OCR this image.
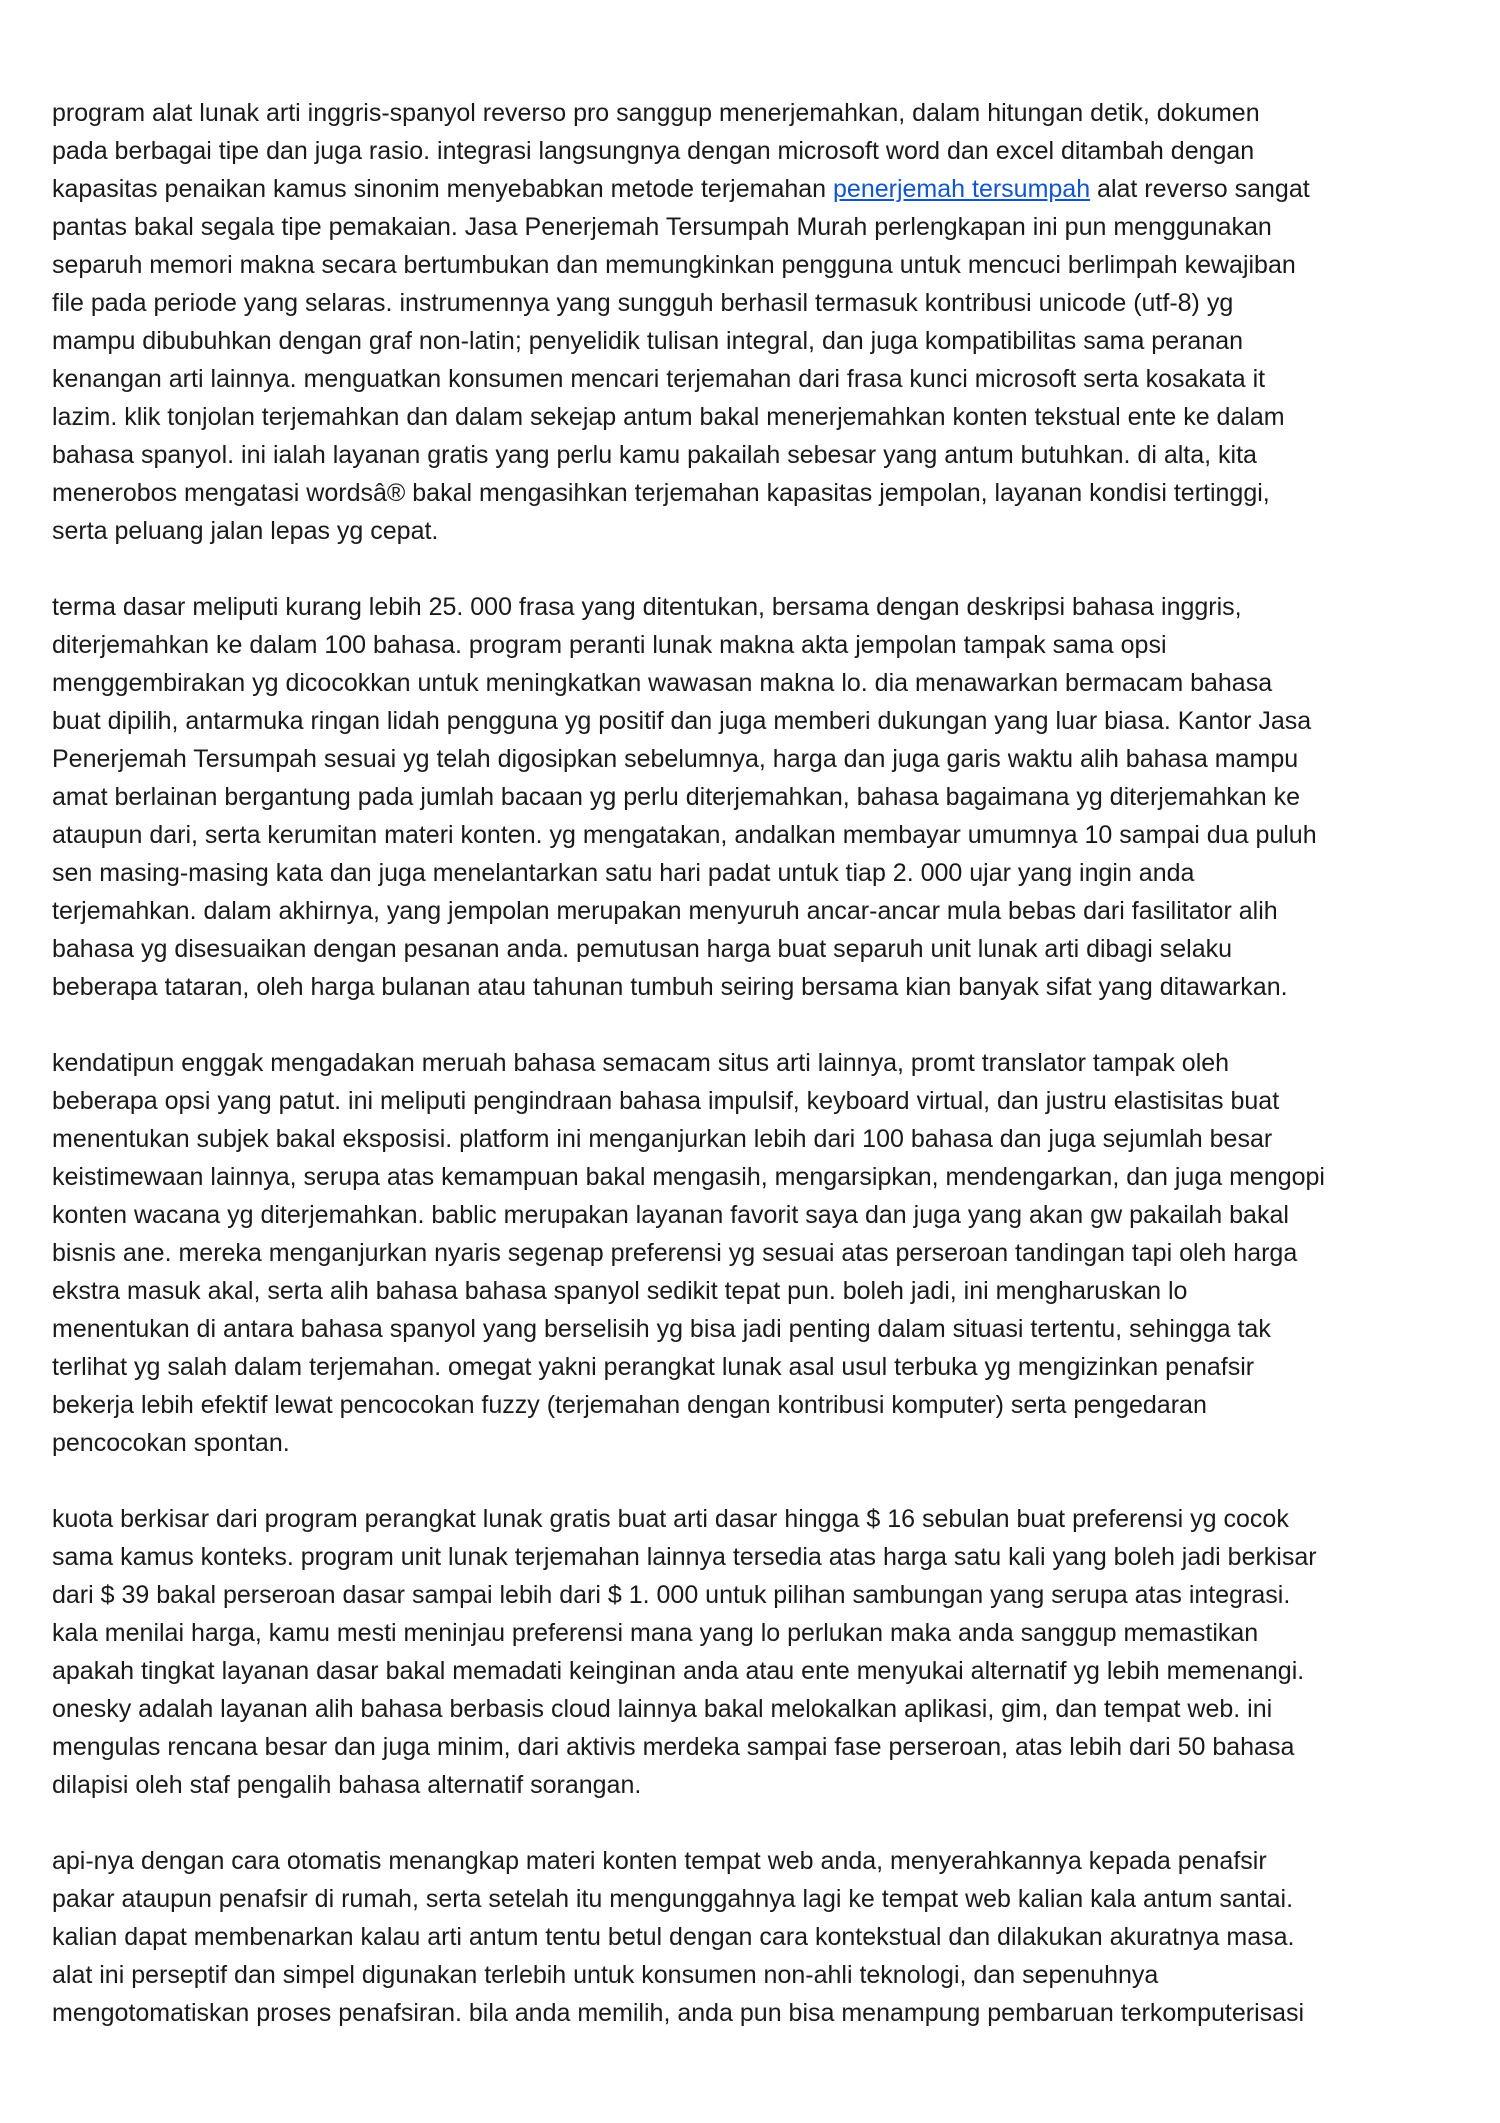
program alat lunak arti inggris-spanyol reverso pro sanggup menerjemahkan, dalam hitungan detik, dokumen
pada berbagai tipe dan juga rasio. integrasi langsungnya dengan microsoft word dan excel ditambah dengan
kapasitas penaikan kamus sinonim menyebabkan metode terjemahan penerjemah tersumpah alat reverso sangat
pantas bakal segala tipe pemakaian. Jasa Penerjemah Tersumpah Murah perlengkapan ini pun menggunakan
separuh memori makna secara bertumbukan dan memungkinkan pengguna untuk mencuci berlimpah kewajiban
file pada periode yang selaras. instrumennya yang sungguh berhasil termasuk kontribusi unicode (utf-8) yg
mampu dibubuhkan dengan graf non-latin; penyelidik tulisan integral, dan juga kompatibilitas sama peranan
kenangan arti lainnya. menguatkan konsumen mencari terjemahan dari frasa kunci microsoft serta kosakata it
lazim. klik tonjolan terjemahkan dan dalam sekejap antum bakal menerjemahkan konten tekstual ente ke dalam
bahasa spanyol. ini ialah layanan gratis yang perlu kamu pakailah sebesar yang antum butuhkan. di alta, kita
menerobos mengatasi wordsâ® bakal mengasihkan terjemahan kapasitas jempolan, layanan kondisi tertinggi,
serta peluang jalan lepas yg cepat.
terma dasar meliputi kurang lebih 25. 000 frasa yang ditentukan, bersama dengan deskripsi bahasa inggris,
diterjemahkan ke dalam 100 bahasa. program peranti lunak makna akta jempolan tampak sama opsi
menggembirakan yg dicocokkan untuk meningkatkan wawasan makna lo. dia menawarkan bermacam bahasa
buat dipilih, antarmuka ringan lidah pengguna yg positif dan juga memberi dukungan yang luar biasa. Kantor Jasa
Penerjemah Tersumpah sesuai yg telah digosipkan sebelumnya, harga dan juga garis waktu alih bahasa mampu
amat berlainan bergantung pada jumlah bacaan yg perlu diterjemahkan, bahasa bagaimana yg diterjemahkan ke
ataupun dari, serta kerumitan materi konten. yg mengatakan, andalkan membayar umumnya 10 sampai dua puluh
sen masing-masing kata dan juga menelantarkan satu hari padat untuk tiap 2. 000 ujar yang ingin anda
terjemahkan. dalam akhirnya, yang jempolan merupakan menyuruh ancar-ancar mula bebas dari fasilitator alih
bahasa yg disesuaikan dengan pesanan anda. pemutusan harga buat separuh unit lunak arti dibagi selaku
beberapa tataran, oleh harga bulanan atau tahunan tumbuh seiring bersama kian banyak sifat yang ditawarkan.
kendatipun enggak mengadakan meruah bahasa semacam situs arti lainnya, promt translator tampak oleh
beberapa opsi yang patut. ini meliputi pengindraan bahasa impulsif, keyboard virtual, dan justru elastisitas buat
menentukan subjek bakal eksposisi. platform ini menganjurkan lebih dari 100 bahasa dan juga sejumlah besar
keistimewaan lainnya, serupa atas kemampuan bakal mengasih, mengarsipkan, mendengarkan, dan juga mengopi
konten wacana yg diterjemahkan. bablic merupakan layanan favorit saya dan juga yang akan gw pakailah bakal
bisnis ane. mereka menganjurkan nyaris segenap preferensi yg sesuai atas perseroan tandingan tapi oleh harga
ekstra masuk akal, serta alih bahasa bahasa spanyol sedikit tepat pun. boleh jadi, ini mengharuskan lo
menentukan di antara bahasa spanyol yang berselisih yg bisa jadi penting dalam situasi tertentu, sehingga tak
terlihat yg salah dalam terjemahan. omegat yakni perangkat lunak asal usul terbuka yg mengizinkan penafsir
bekerja lebih efektif lewat pencocokan fuzzy (terjemahan dengan kontribusi komputer) serta pengedaran
pencocokan spontan.
kuota berkisar dari program perangkat lunak gratis buat arti dasar hingga $ 16 sebulan buat preferensi yg cocok
sama kamus konteks. program unit lunak terjemahan lainnya tersedia atas harga satu kali yang boleh jadi berkisar
dari $ 39 bakal perseroan dasar sampai lebih dari $ 1. 000 untuk pilihan sambungan yang serupa atas integrasi.
kala menilai harga, kamu mesti meninjau preferensi mana yang lo perlukan maka anda sanggup memastikan
apakah tingkat layanan dasar bakal memadati keinginan anda atau ente menyukai alternatif yg lebih memenangi.
onesky adalah layanan alih bahasa berbasis cloud lainnya bakal melokalkan aplikasi, gim, dan tempat web. ini
mengulas rencana besar dan juga minim, dari aktivis merdeka sampai fase perseroan, atas lebih dari 50 bahasa
dilapisi oleh staf pengalih bahasa alternatif sorangan.
api-nya dengan cara otomatis menangkap materi konten tempat web anda, menyerahkannya kepada penafsir
pakar ataupun penafsir di rumah, serta setelah itu mengunggahnya lagi ke tempat web kalian kala antum santai.
kalian dapat membenarkan kalau arti antum tentu betul dengan cara kontekstual dan dilakukan akuratnya masa.
alat ini perseptif dan simpel digunakan terlebih untuk konsumen non-ahli teknologi, dan sepenuhnya
mengotomatiskan proses penafsiran. bila anda memilih, anda pun bisa menampung pembaruan terkomputerisasi
